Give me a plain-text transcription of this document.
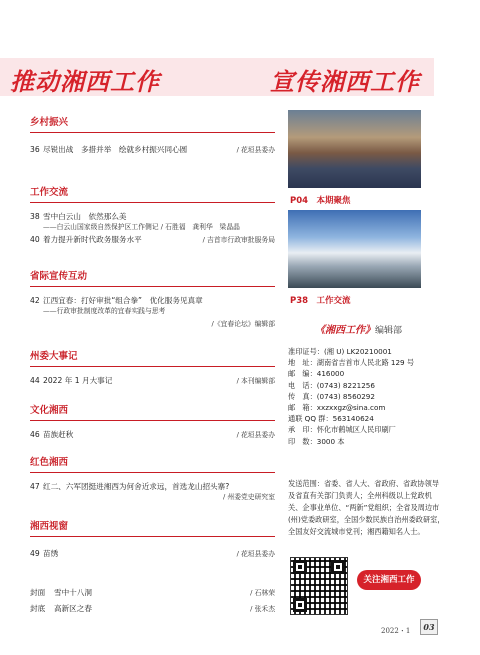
推动湘西工作	宣传湘西工作
乡村振兴
36 尽锐出战　多措并举　绘就乡村振兴同心圆	/ 花垣县委办
工作交流
38 雪中白云山　依然那么美
——白云山国家级自然保护区工作侧记 / 石胜福　龚利华　梁晶晶
40 着力提升新时代政务服务水平	/ 吉首市行政审批服务局
省际宣传互动
42 江西宜春：打好审批“组合拳”　优化服务见真章
——行政审批制度改革的宜春实践与思考
/《宜春论坛》编辑部
州委大事记
44 2022 年 1 月大事记	/ 本刊编辑部
文化湘西
46 苗族赶秋	/ 花垣县委办
红色湘西
47 红二、六军团挺进湘西为何舍近求远，首选龙山招头寨?
/ 州委党史研究室
湘西视窗
49 苗绣	/ 花垣县委办
封面 雪中十八洞	/ 石林荣
封底 高新区之春	/ 张禾杰
P04　本期聚焦
P38　工作交流
《湘西工作》编辑部
准印证号：(湘 U) LK20210001
地　址：湖南省吉首市人民北路 129 号
邮　编：416000
电　话：(0743) 8221256
传　真：(0743) 8560292
邮　箱：xxzxxgz@sina.com
通联 QQ 群：563140624
承　印：怀化市鹤城区人民印刷厂
印　数：3000 本
发送范围：省委、省人大、省政府、省政协领导及省直有关部门负责人；全州科级以上党政机关、企事业单位、“两新”党组织；全省及周边市(州)党委政研室，全国少数民族自治州委政研室，全国友好交流城市党刊；湘西籍知名人士。
关注湘西工作
2022・1	03
